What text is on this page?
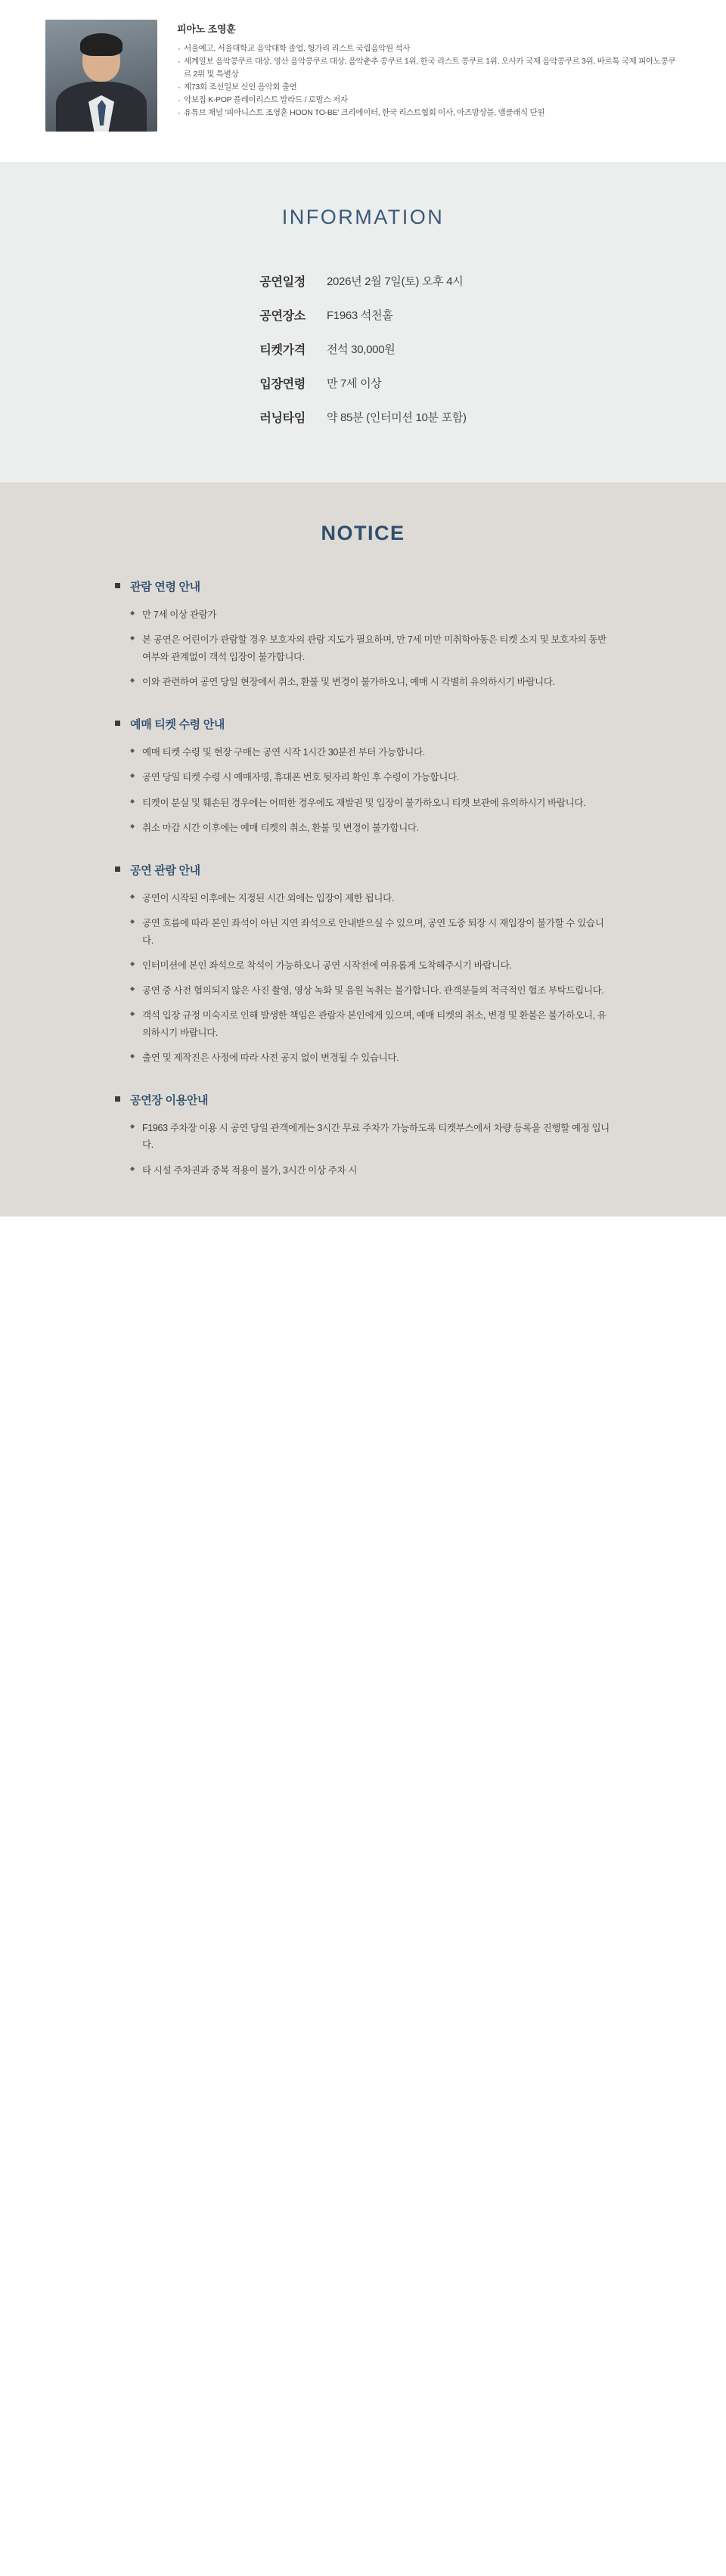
피아노 조영훈
· 서울예고, 서울대학교 음악대학 졸업, 헝가리 리스트 국립음악원 석사
· 세계일보 음악콩쿠르 대상, 영산 음악콩쿠르 대상, 음악춘추 콩쿠르 1위, 한국 리스트 콩쿠르 1위, 오사카 국제 음악콩쿠르 3위, 바르톡 국제 피아노콩쿠르 2위 및 특별상
· 제73회 조선일보 신인 음악회 출연
· 악보집 K-POP 플레이리스트 발라드 / 로망스 저자
· 유튜브 채널 '피아니스트 조영훈 HOON TO-BE' 크리에이터, 한국 리스트협회 이사, 아즈망상블, 앰클래식 단원
INFORMATION
공연일정	2026년 2월 7일(토) 오후 4시
공연장소	F1963 석천홀
티켓가격	전석 30,000원
입장연령	만 7세 이상
러닝타임	약 85분 (인터미션 10분 포함)
NOTICE
관람 연령 안내
◆ 만 7세 이상 관람가
◆ 본 공연은 어린이가 관람할 경우 보호자의 관람 지도가 필요하며, 만 7세 미만 미취학아동은 티켓 소지 및 보호자의 동반 여부와 관계없이 객석 입장이 불가합니다.
◆ 이와 관련하여 공연 당일 현장에서 취소, 환불 및 변경이 불가하오니, 예매 시 각별히 유의하시기 바랍니다.
예매 티켓 수령 안내
◆ 예매 티켓 수령 및 현장 구매는 공연 시작 1시간 30분전 부터 가능합니다.
◆ 공연 당일 티켓 수령 시 예매자명, 휴대폰 번호 뒷자리 확인 후 수령이 가능합니다.
◆ 티켓이 분실 및 훼손된 경우에는 어떠한 경우에도 재발권 및 입장이 불가하오니 티켓 보관에 유의하시기 바랍니다.
◆ 취소 마감 시간 이후에는 예매 티켓의 취소, 환불 및 변경이 불가합니다.
공연 관람 안내
◆ 공연이 시작된 이후에는 지정된 시간 외에는 입장이 제한 됩니다.
◆ 공연 흐름에 따라 본인 좌석이 아닌 지연 좌석으로 안내받으실 수 있으며, 공연 도중 퇴장 시 재입장이 불가할 수 있습니다.
◆ 인터미션에 본인 좌석으로 착석이 가능하오니 공연 시작전에 여유롭게 도착해주시기 바랍니다.
◆ 공연 중 사전 협의되지 않은 사진 촬영, 영상 녹화 및 음원 녹취는 불가합니다. 관객분들의 적극적인 협조 부탁드립니다.
◆ 객석 입장 규정 미숙지로 인해 발생한 책임은 관람자 본인에게 있으며, 예매 티켓의 취소, 변경 및 환불은 불가하오니, 유의하시기 바랍니다.
◆ 출연 및 제작진은 사정에 따라 사전 공지 없이 변경될 수 있습니다.
공연장 이용안내
◆ F1963 주차장 이용 시 공연 당일 관객에게는 3시간 무료 주차가 가능하도록 티켓부스에서 차량 등록을 진행할 예정 입니다.
◆ 타 시설 주차권과 중복 적용이 불가, 3시간 이상 주차 시
